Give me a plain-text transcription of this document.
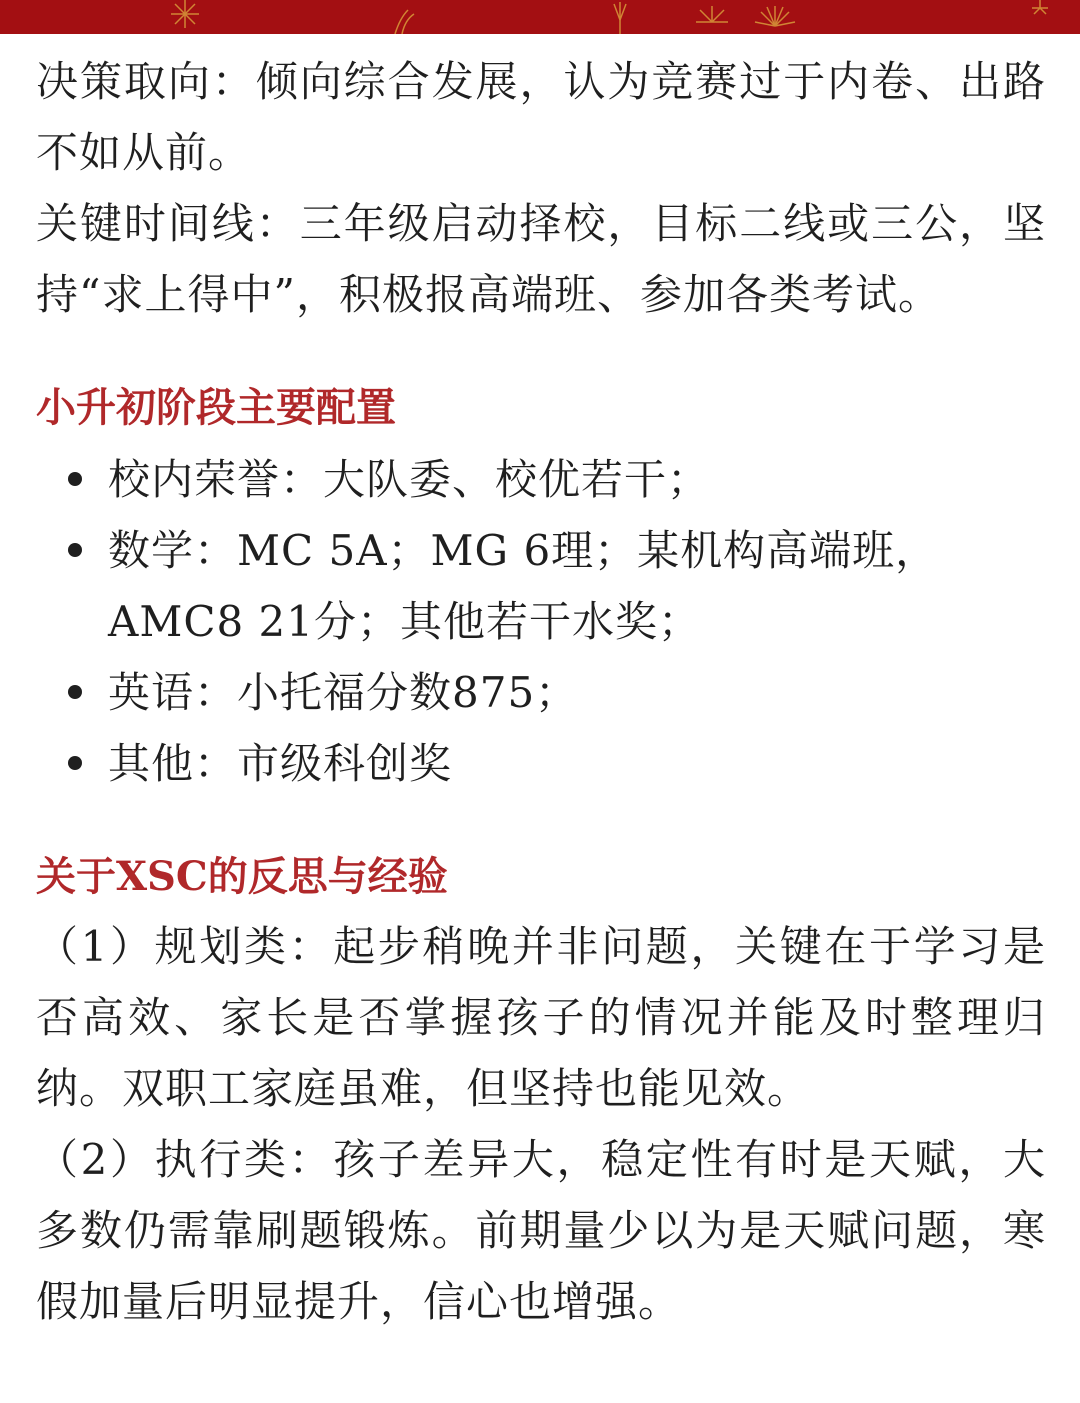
决策取向：倾向综合发展，认为竞赛过于内卷、出路不如从前。

关键时间线：三年级启动择校，目标二线或三公，坚持“求上得中”，积极报高端班、参加各类考试。

小升初阶段主要配置
校内荣誉：大队委、校优若干；
数学：MC 5A；MG 6理；某机构高端班，AMC8 21分；其他若干水奖；
英语：小托福分数875；
其他：市级科创奖
关于XSC的反思与经验

（1）规划类：起步稍晚并非问题，关键在于学习是否高效、家长是否掌握孩子的情况并能及时整理归纳。双职工家庭虽难，但坚持也能见效。

（2）执行类：孩子差异大，稳定性有时是天赋，大多数仍需靠刷题锻炼。前期量少以为是天赋问题，寒假加量后明显提升，信心也增强。
